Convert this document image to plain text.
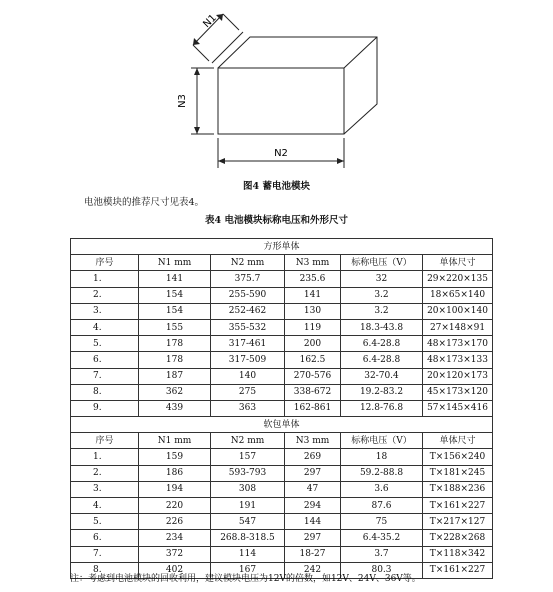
N1
N3
N2
图4 蓄电池模块
电池模块的推荐尺寸见表4。
表4 电池模块标称电压和外形尺寸
方形单体					
序号	N1 mm	N2 mm	N3 mm	标称电压（V）	单体尺寸
1.	141	375.7	235.6	32	29×220×135
2.	154	255-590	141	3.2	18×65×140
3.	154	252-462	130	3.2	20×100×140
4.	155	355-532	119	18.3-43.8	27×148×91
5.	178	317-461	200	6.4-28.8	48×173×170
6.	178	317-509	162.5	6.4-28.8	48×173×133
7.	187	140	270-576	32-70.4	20×120×173
8.	362	275	338-672	19.2-83.2	45×173×120
9.	439	363	162-861	12.8-76.8	57×145×416
软包单体					
序号	N1 mm	N2 mm	N3 mm	标称电压（V）	单体尺寸
1.	159	157	269	18	T×156×240
2.	186	593-793	297	59.2-88.8	T×181×245
3.	194	308	47	3.6	T×188×236
4.	220	191	294	87.6	T×161×227
5.	226	547	144	75	T×217×127
6.	234	268.8-318.5	297	6.4-35.2	T×228×268
7.	372	114	18-27	3.7	T×118×342
8.	402	167	242	80.3	T×161×227
注：考虑到电池模块的回收利用，建议模块电压为12V的倍数，如12V、24V、36V等。
